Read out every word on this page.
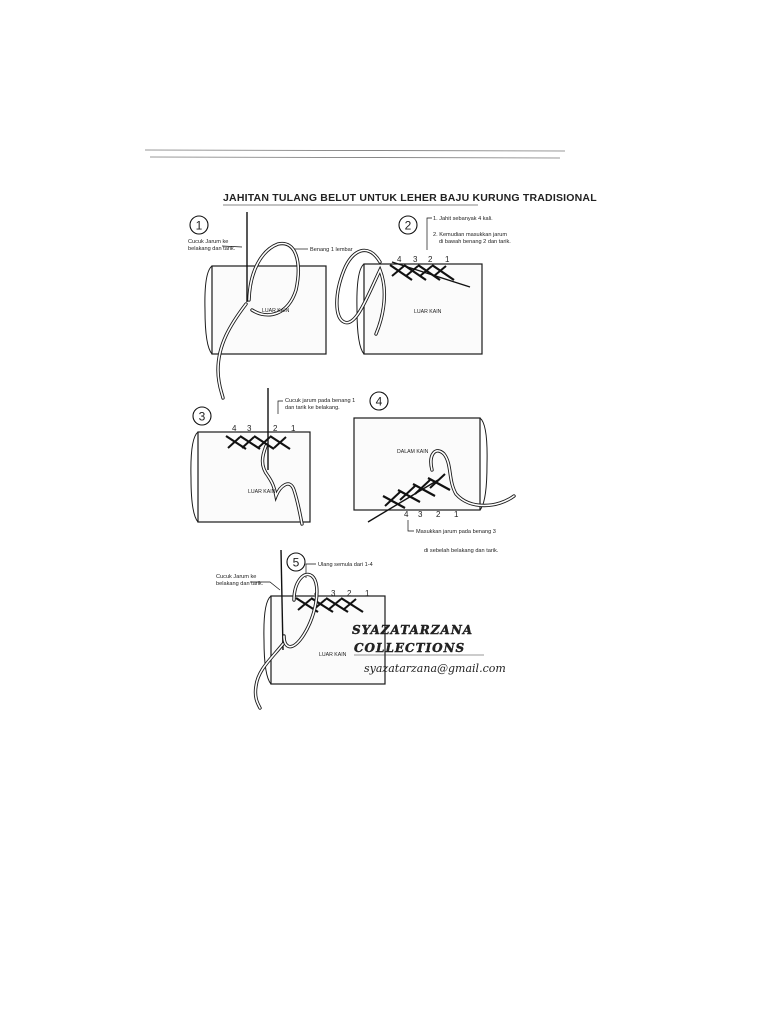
JAHITAN TULANG BELUT UNTUK LEHER BAJU KURUNG TRADISIONAL
1
Cucuk Jarum ke
belakang dan tarik.	Benang 1 lembar
LUAR KAIN
2	1. Jahit sebanyak 4 kali.
2. Kemudian masukkan jarum
di bawah benang 2 dan tarik.
4 3 2 1
LUAR KAIN
3
Cucuk jarum pada benang 1
dan tarik ke belakang.
4 3	2 1
LUAR KAIN
4
DALAM KAIN
4 3 2 1
Masukkan jarum pada benang 3
di sebelah belakang dan tarik.
5	Ulang semula dari 1-4
Cucuk Jarum ke
belakang dan tarik.
4 3 2 1
LUAR KAIN
SYAZATARZANA
COLLECTIONS
syazatarzana@gmail.com
